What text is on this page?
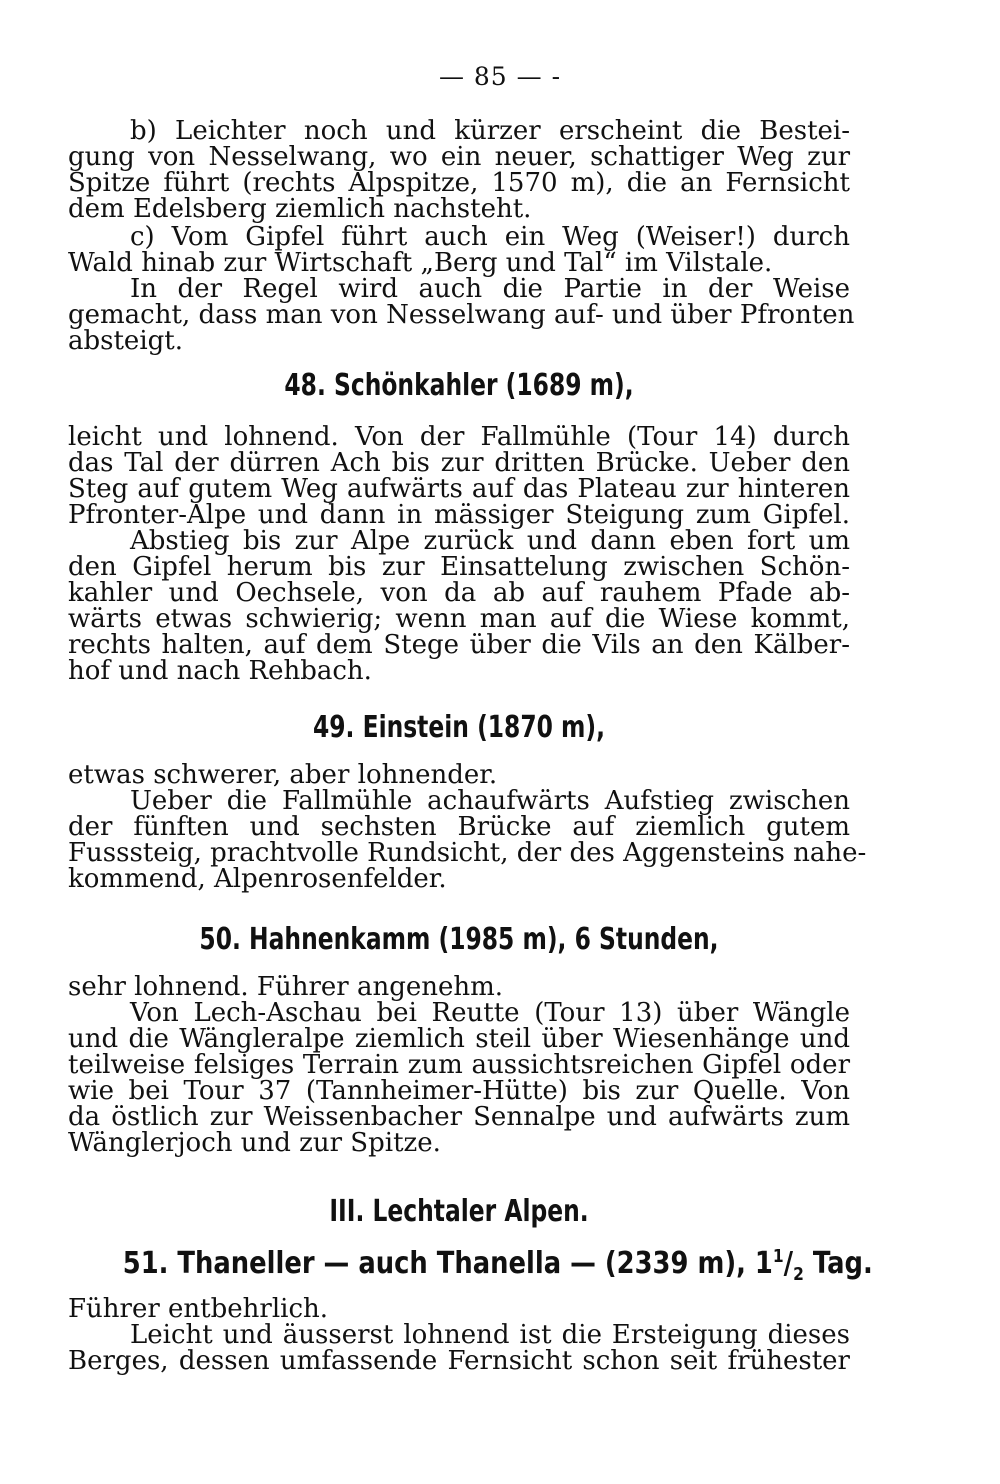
— 85 — -
b) Leichter noch und kürzer erscheint die Bestei-
gung von Nesselwang, wo ein neuer, schattiger Weg zur
Spitze führt (rechts Alpspitze, 1570 m), die an Fernsicht
dem Edelsberg ziemlich nachsteht.
c) Vom Gipfel führt auch ein Weg (Weiser!) durch
Wald hinab zur Wirtschaft „Berg und Tal“ im Vilstale.
In der Regel wird auch die Partie in der Weise
gemacht, dass man von Nesselwang auf- und über Pfronten
absteigt.
48. Schönkahler (1689 m),
leicht und lohnend. Von der Fallmühle (Tour 14) durch
das Tal der dürren Ach bis zur dritten Brücke. Ueber den
Steg auf gutem Weg aufwärts auf das Plateau zur hinteren
Pfronter-Alpe und dann in mässiger Steigung zum Gipfel.
Abstieg bis zur Alpe zurück und dann eben fort um
den Gipfel herum bis zur Einsattelung zwischen Schön-
kahler und Oechsele, von da ab auf rauhem Pfade ab-
wärts etwas schwierig; wenn man auf die Wiese kommt,
rechts halten, auf dem Stege über die Vils an den Kälber-
hof und nach Rehbach.
49. Einstein (1870 m),
etwas schwerer, aber lohnender.
Ueber die Fallmühle achaufwärts Aufstieg zwischen
der fünften und sechsten Brücke auf ziemlich gutem
Fusssteig, prachtvolle Rundsicht, der des Aggensteins nahe-
kommend, Alpenrosenfelder.
50. Hahnenkamm (1985 m), 6 Stunden,
sehr lohnend. Führer angenehm.
Von Lech-Aschau bei Reutte (Tour 13) über Wängle
und die Wängleralpe ziemlich steil über Wiesenhänge und
teilweise felsiges Terrain zum aussichtsreichen Gipfel oder
wie bei Tour 37 (Tannheimer-Hütte) bis zur Quelle. Von
da östlich zur Weissenbacher Sennalpe und aufwärts zum
Wänglerjoch und zur Spitze.
III. Lechtaler Alpen.
51. Thaneller — auch Thanella — (2339 m), $1^1/_2$ Tag.
Führer entbehrlich.
Leicht und äusserst lohnend ist die Ersteigung dieses
Berges, dessen umfassende Fernsicht schon seit frühester
